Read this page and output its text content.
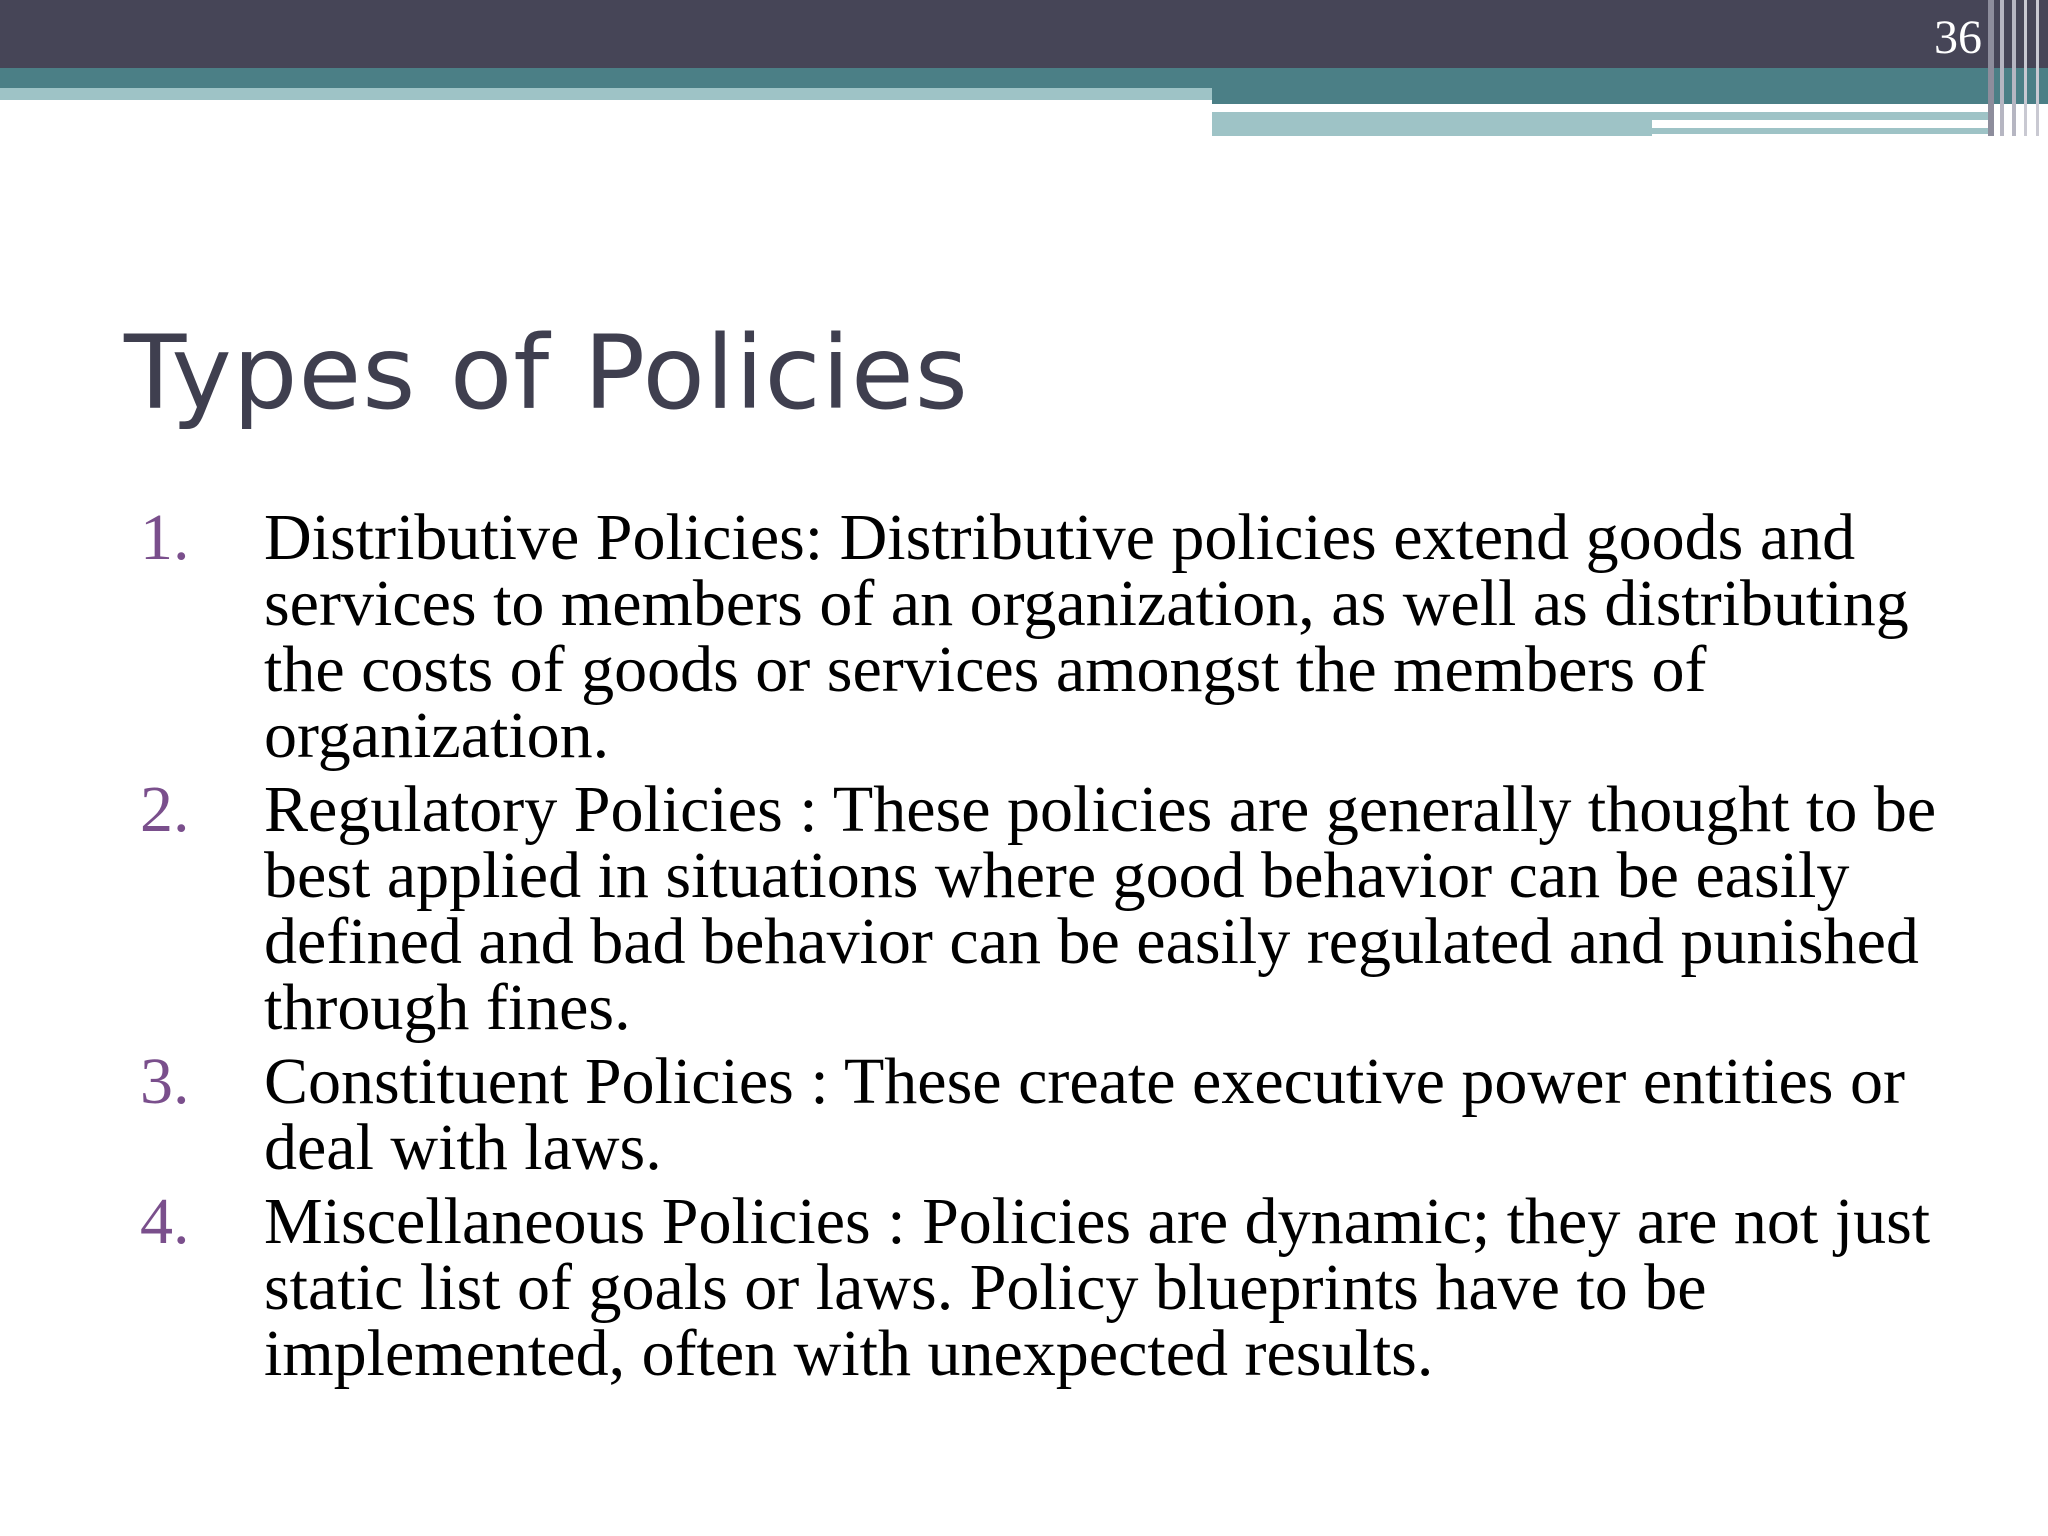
36
Types of Policies
1.	Distributive Policies: Distributive policies extend goods and services to members of an organization, as well as distributing the costs of goods or services amongst the members of organization.
2.	Regulatory Policies : These policies are generally thought to be best applied in situations where good behavior can be easily defined and bad behavior can be easily regulated and punished through fines.
3.	Constituent Policies : These create executive power entities or deal with laws.
4.	Miscellaneous Policies : Policies are dynamic; they are not just static list of goals or laws. Policy blueprints have to be implemented, often with unexpected results.
